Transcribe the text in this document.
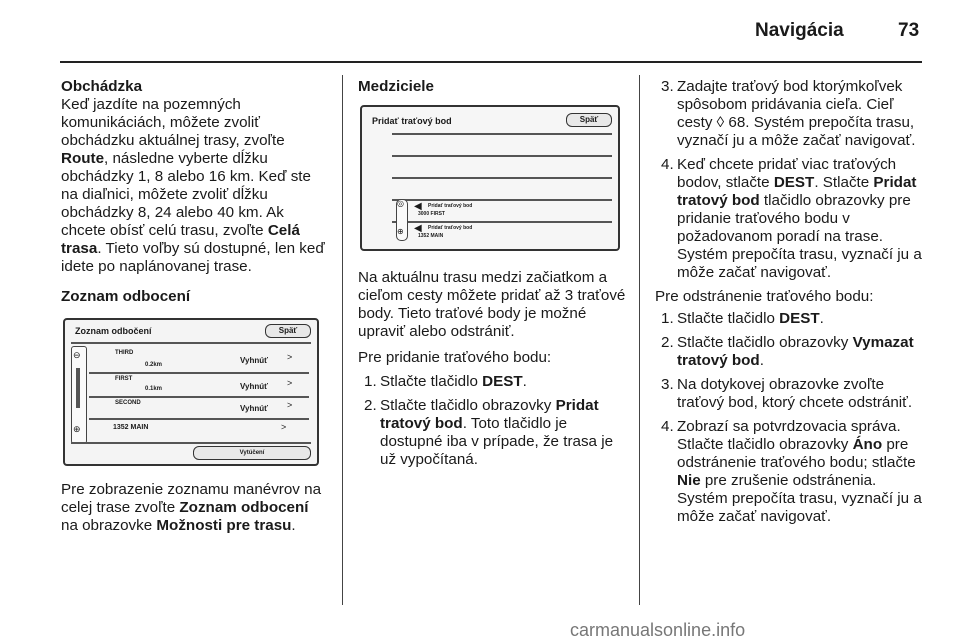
Navigácia	73

Obchádzka

Keď jazdíte na pozemných komunikáciách, môžete zvoliť obchádzku aktuálnej trasy, zvoľte Route, následne vyberte dĺžku obchádzky 1, 8 alebo 16 km. Keď ste na diaľnici, môžete zvoliť dĺžku obchádzky 8, 24 alebo 40 km. Ak chcete obísť celú trasu, zvoľte Celá trasa. Tieto voľby sú dostupné, len keď idete po naplánovanej trase.

Zoznam odbocení

Zoznam odbočení	Späť
⊖
⊕
THIRD
0.2km	Vyhnúť >
FIRST
0.1km	Vyhnúť >
SECOND
Vyhnúť >
1352 MAIN	>
Vytúčení

Pre zobrazenie zoznamu manévrov na celej trase zvoľte Zoznam odbocení na obrazovke Možnosti pre trasu.

Medziciele

Pridať traťový bod	Späť
◎
⊕
◀ Pridať traťový bod
3000 FIRST
◀ Pridať traťový bod
1352 MAIN

Na aktuálnu trasu medzi začiatkom a cieľom cesty môžete pridať až 3 traťové body. Tieto traťové body je možné upraviť alebo odstrániť.

Pre pridanie traťového bodu:

1. Stlačte tlačidlo DEST.
2. Stlačte tlačidlo obrazovky Pridat tratový bod. Toto tlačidlo je dostupné iba v prípade, že trasa je už vypočítaná.
3. Zadajte traťový bod ktorýmkoľvek spôsobom pridávania cieľa. Cieľ cesty ◊ 68. Systém prepočíta trasu, vyznačí ju a môže začať navigovať.
4. Keď chcete pridať viac traťových bodov, stlačte DEST. Stlačte Pridat tratový bod tlačidlo obrazovky pre pridanie traťového bodu v požadovanom poradí na trase. Systém prepočíta trasu, vyznačí ju a môže začať navigovať.

Pre odstránenie traťového bodu:

1. Stlačte tlačidlo DEST.
2. Stlačte tlačidlo obrazovky Vymazat tratový bod.
3. Na dotykovej obrazovke zvoľte traťový bod, ktorý chcete odstrániť.
4. Zobrazí sa potvrdzovacia správa. Stlačte tlačidlo obrazovky Áno pre odstránenie traťového bodu; stlačte Nie pre zrušenie odstránenia. Systém prepočíta trasu, vyznačí ju a môže začať navigovať.
carmanualsonline.info
